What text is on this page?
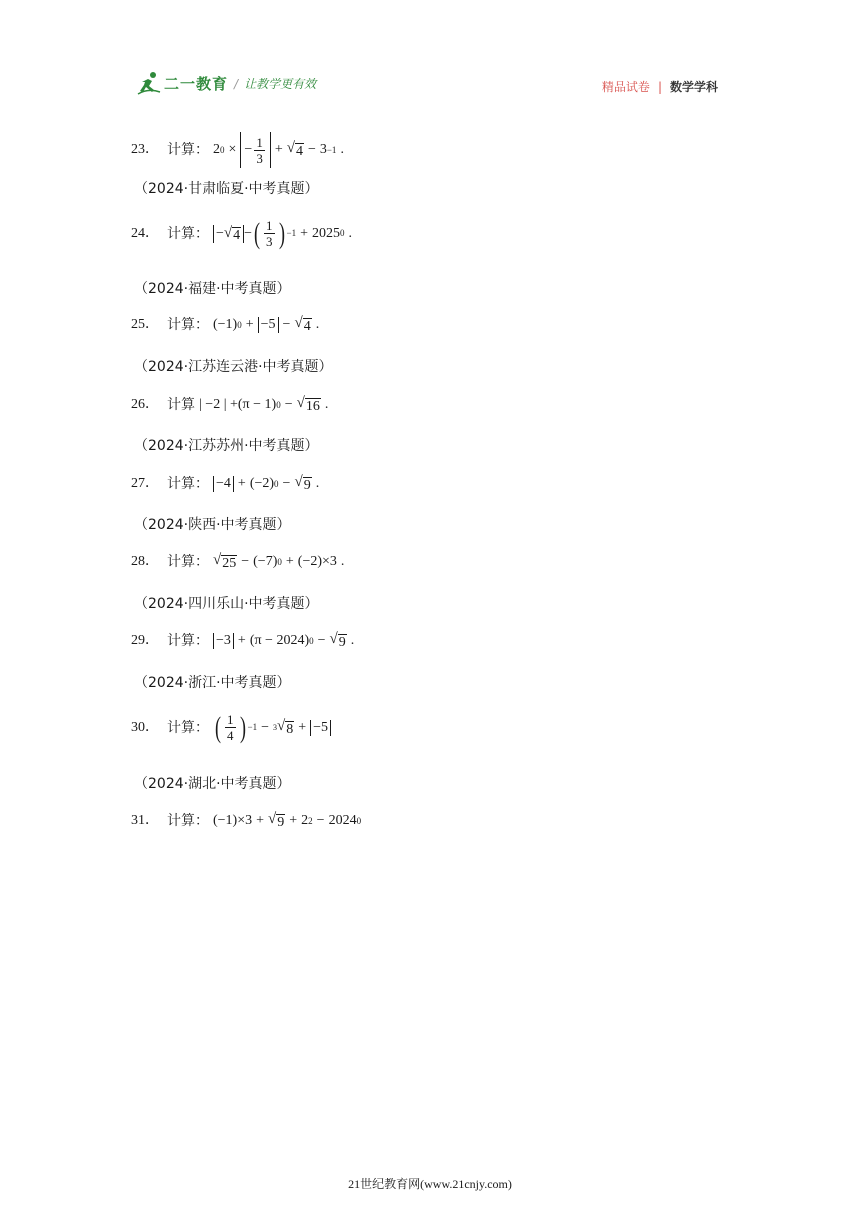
二一教育 / 让教学更有效	精品试卷 | 数学学科
23． 计算： 2 0 × − $\frac{1}{3}$ + √ 4 − 3 −1 .
（2024·甘肃临夏·中考真题）
24． 计算： − √ 4 − ( $\frac{1}{3}$ ) −1 + 2025 0 .
（2024·福建·中考真题）
25． 计算： (−1) 0 + −5 − √ 4 .
（2024·江苏连云港·中考真题）
26． 计算 | −2 | +(π − 1) 0 − √ 16 .
（2024·江苏苏州·中考真题）
27． 计算： −4 + (−2) 0 − √ 9 .
（2024·陕西·中考真题）
28． 计算： √ 25 − (−7) 0 + (−2)×3 .
（2024·四川乐山·中考真题）
29． 计算： −3 + (π − 2024) 0 − √ 9 .
（2024·浙江·中考真题）
30． 计算： ( $\frac{1}{4}$ ) −1 − 3 √ 8 + −5
（2024·湖北·中考真题）
31． 计算： (−1)×3 + √ 9 + 2 2 − 2024 0
21世纪教育网(www.21cnjy.com)
